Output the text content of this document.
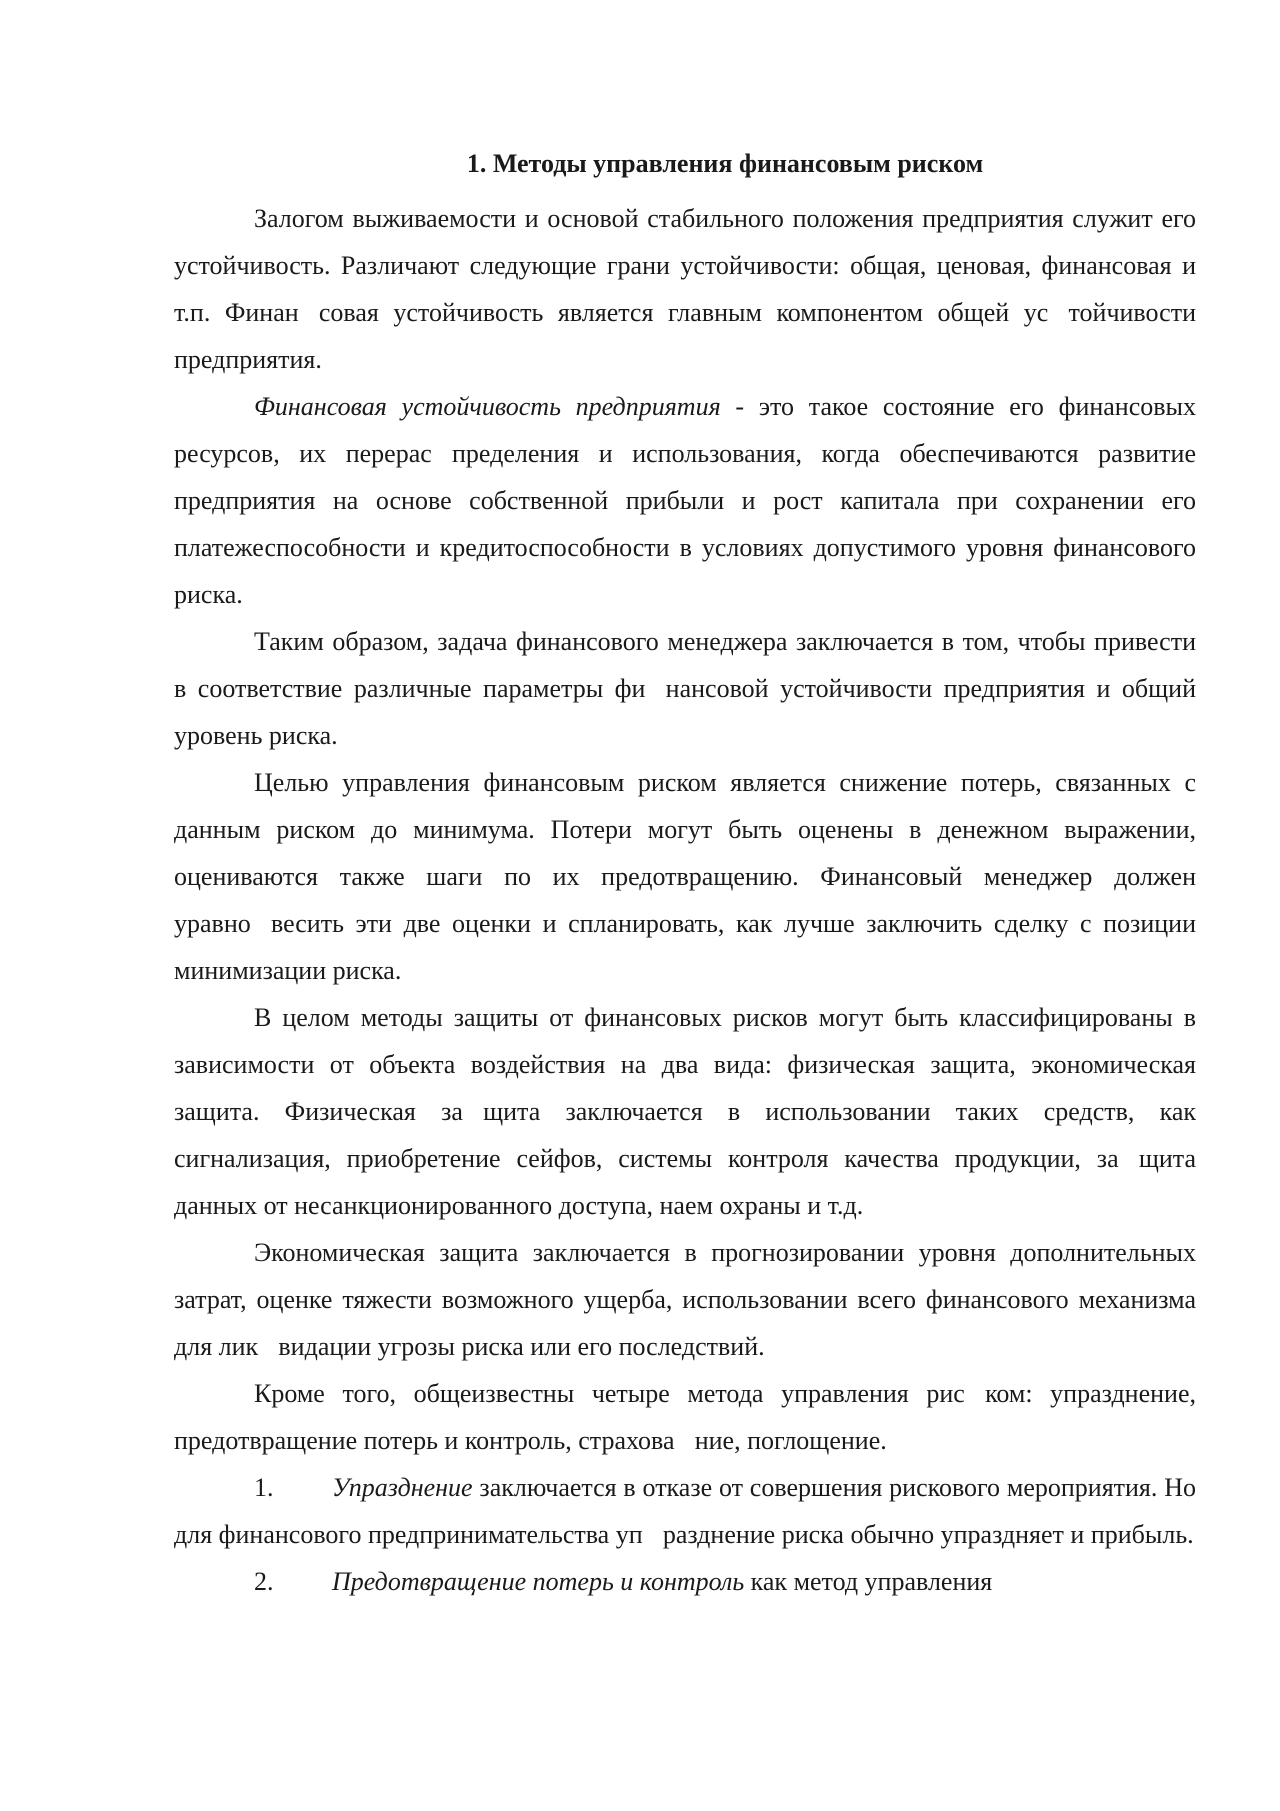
1. Методы управления финансовым риском

Залогом выживаемости и основой стабильного положения предприятия служит его устойчивость. Различают следующие грани устойчивости: общая, ценовая, финансовая и т.п. Финан􀀀совая устойчивость является главным компонентом общей ус􀀀тойчивости предприятия.

Финансовая устойчивость предприятия - это такое состояние его финансовых ресурсов, их перерас􀀀пределения и использования, когда обеспечиваются развитие предприятия на основе собственной прибыли и рост капитала при сохранении его платежеспособности и кредитоспособности в условиях допустимого уровня финансового риска.

Таким образом, задача финансового менеджера заключается в том, чтобы привести в соответствие различные параметры фи􀀀нансовой устойчивости предприятия и общий уровень риска.

Целью управления финансовым риском является снижение потерь, связанных с данным риском до минимума. Потери могут быть оценены в денежном выражении, оцениваются также шаги по их предотвращению. Финансовый менеджер должен уравно􀀀весить эти две оценки и спланировать, как лучше заключить сделку с позиции минимизации риска.

В целом методы защиты от финансовых рисков могут быть классифицированы в зависимости от объекта воздействия на два вида: физическая защита, экономическая защита. Физическая за􀀀щита заключается в использовании таких средств, как сигнализация, приобретение сейфов, системы контроля качества продукции, за􀀀щита данных от несанкционированного доступа, наем охраны и т.д.

Экономическая защита заключается в прогнозировании уровня дополнительных затрат, оценке тяжести возможного ущерба, использовании всего финансового механизма для лик􀀀видации угрозы риска или его последствий.

Кроме того, общеизвестны четыре метода управления рис􀀀ком: упразднение, предотвращение потерь и контроль, страхова􀀀ние, поглощение.

1. Упразднение заключается в отказе от совершения рискового мероприятия. Но для финансового предпринимательства уп􀀀разднение риска обычно упраздняет и прибыль.

2. Предотвращение потерь и контроль как метод управления
